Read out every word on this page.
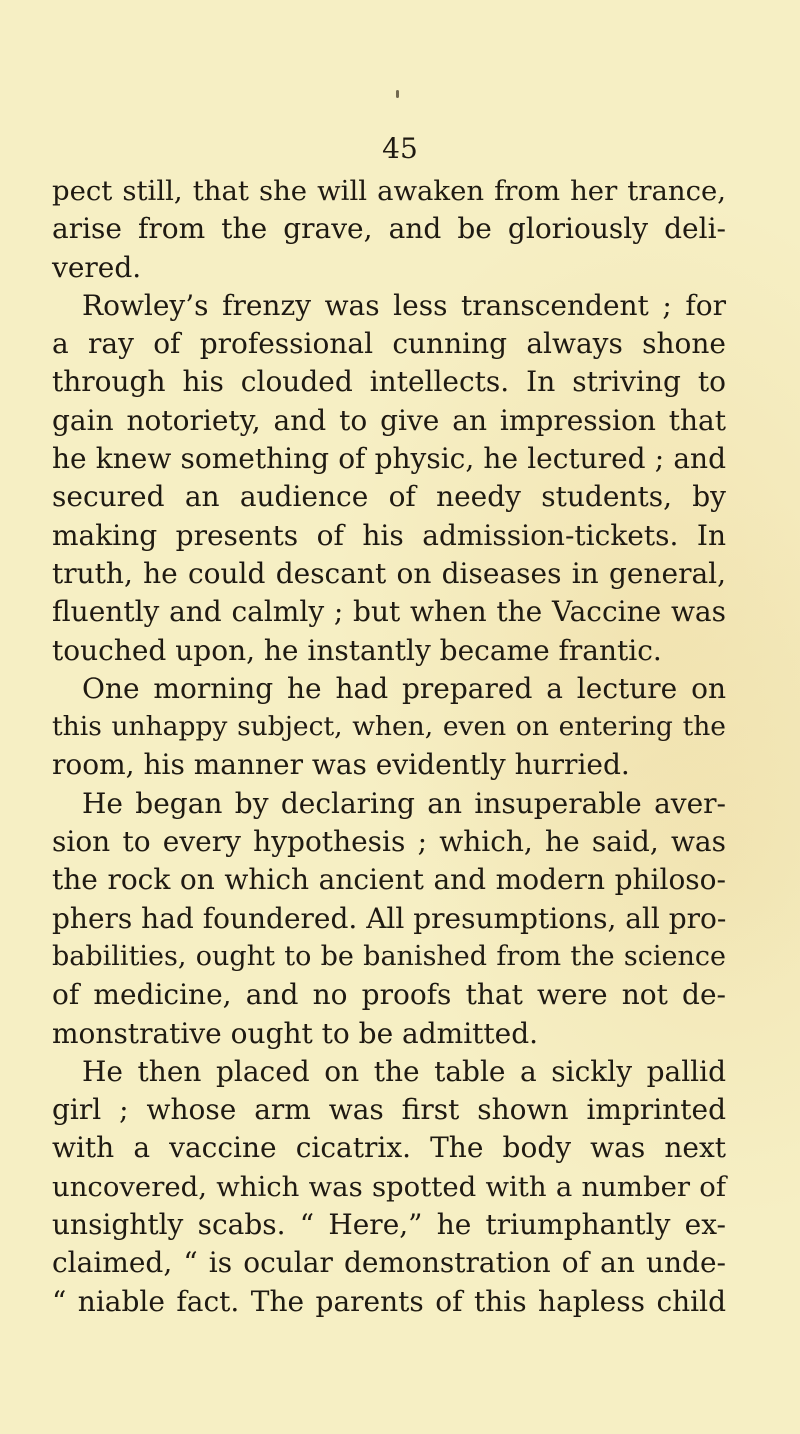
45
pect still, that she will awaken from her trance,
arise from the grave, and be gloriously deli-
vered.
Rowley’s frenzy was less transcendent ; for
a ray of professional cunning always shone
through his clouded intellects. In striving to
gain notoriety, and to give an impression that
he knew something of physic, he lectured ; and
secured an audience of needy students, by
making presents of his admission-tickets. In
truth, he could descant on diseases in general,
fluently and calmly ; but when the Vaccine was
touched upon, he instantly became frantic.
One morning he had prepared a lecture on
this unhappy subject, when, even on entering the
room, his manner was evidently hurried.
He began by declaring an insuperable aver-
sion to every hypothesis ; which, he said, was
the rock on which ancient and modern philoso-
phers had foundered. All presumptions, all pro-
babilities, ought to be banished from the science
of medicine, and no proofs that were not de-
monstrative ought to be admitted.
He then placed on the table a sickly pallid
girl ; whose arm was first shown imprinted
with a vaccine cicatrix. The body was next
uncovered, which was spotted with a number of
unsightly scabs. “ Here,” he triumphantly ex-
claimed, “ is ocular demonstration of an unde-
“ niable fact. The parents of this hapless child
